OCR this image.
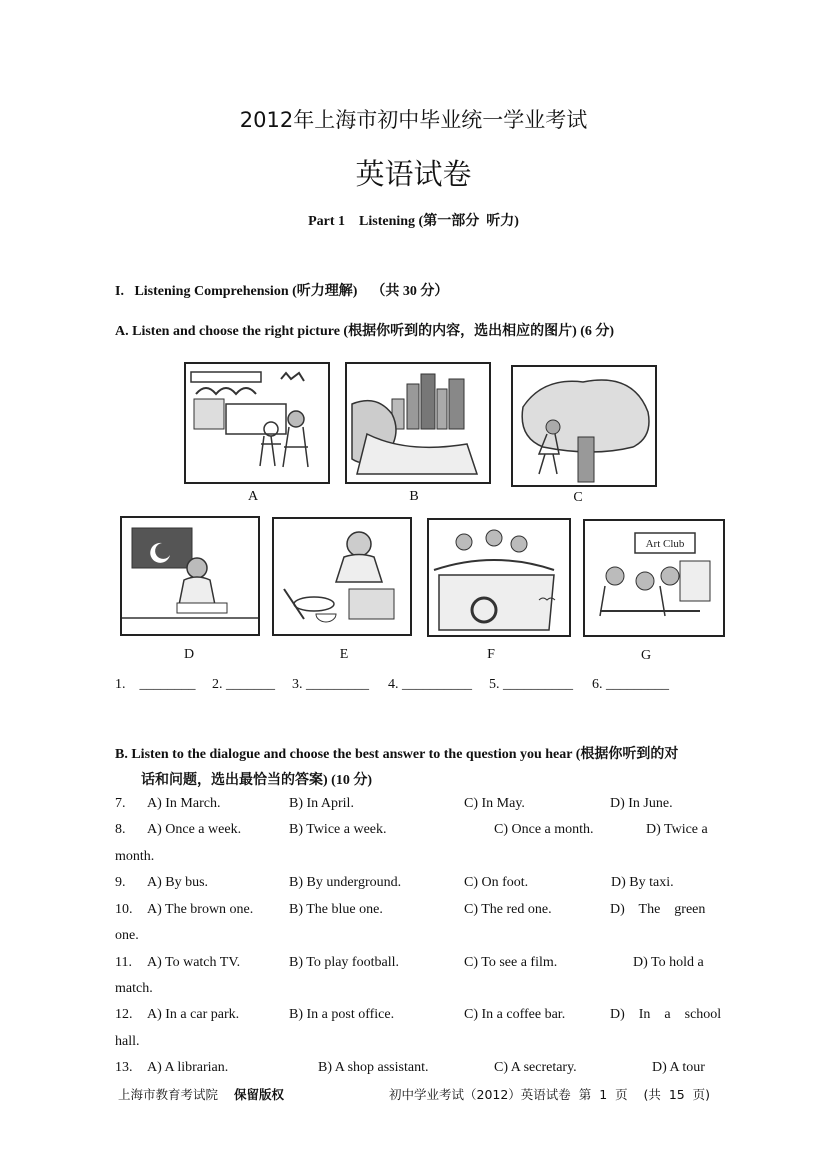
2012年上海市初中毕业统一学业考试
英语试卷
Part 1    Listening (第一部分  听力)
I.   Listening Comprehension (听力理解)    （共 30 分）
A. Listen and choose the right picture (根据你听到的内容，选出相应的图片) (6 分)
A	B	C
D	E	F
Art Club
G
1.    ________ 2. _______ 3. _________ 4. __________ 5. __________ 6. _________
B. Listen to the dialogue and choose the best answer to the question you hear (根据你听到的对
话和问题，选出最恰当的答案) (10 分)
7. A) In March.	B) In April.	C) In May.	D) In June.
8. A) Once a week.	B) Twice a week.	C) Once a month.	D) Twice a
month.
9. A) By bus.	B) By underground.	C) On foot.	D) By taxi.
10. A) The brown one.	B) The blue one.	C) The red one.	D)    The    green
one.
11. A) To watch TV.	B) To play football.	C) To see a film.	D) To hold a
match.
12. A) In a car park.	B) In a post office.	C) In a coffee bar.	D)    In    a    school
hall.
13. A) A librarian.	B) A shop assistant.	C) A secretary.	D) A tour
上海市教育考试院 保留版权	初中学业考试（2012）英语试卷  第  1  页    (共  15  页)
